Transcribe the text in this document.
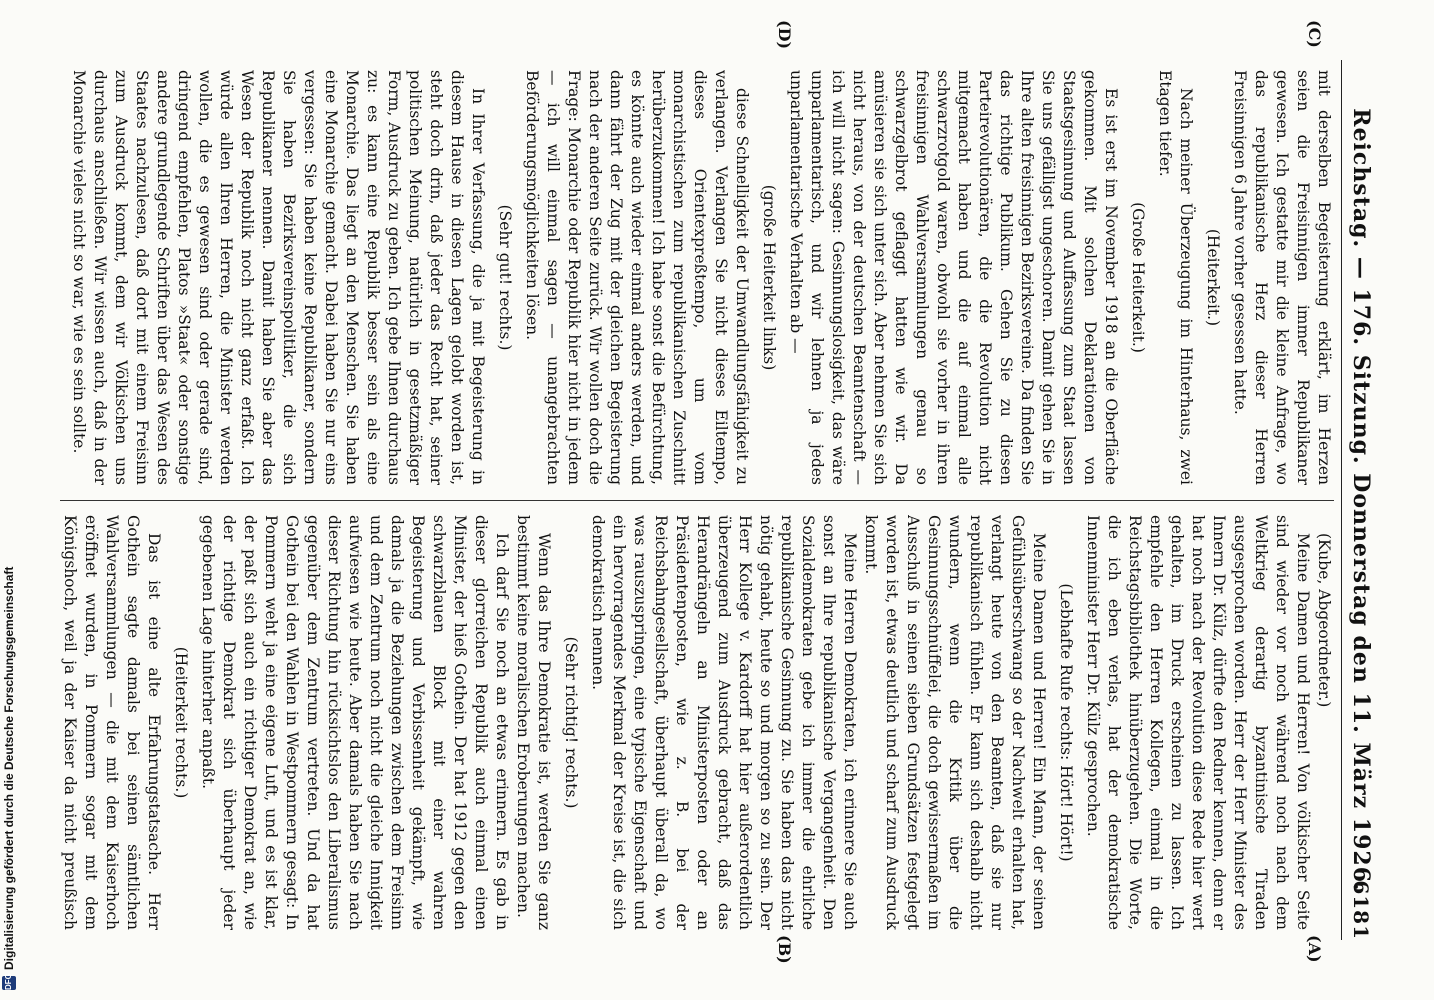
Reichstag. — 176. Sitzung. Donnerstag den 11. März 1926.
6181
(A)
(B)
(C)
(D)

(Kube, Abgeordneter.)

Meine Damen und Herren! Von völkischer Seite sind wieder vor noch während noch nach dem Weltkrieg derartig byzantinische Tiraden ausgesprochen worden. Herr der Herr Minister des Innern Dr. Külz, dürfte den Redner kennen, denn er hat noch nach der Revolution diese Rede hier wert gehalten, im Druck erscheinen zu lassen. Ich empfehle den Herren Kollegen, einmal in die Reichstagsbibliothek hinüberzugehen. Die Worte, die ich eben verlas, hat der demokratische Innenminister Herr Dr. Külz gesprochen.

(Lebhafte Rufe rechts: Hört! Hört!)

Meine Damen und Herren! Ein Mann, der seinen Gefühlsüberschwang so der Nachwelt erhalten hat, verlangt heute von den Beamten, daß sie nur republikanisch fühlen. Er kann sich deshalb nicht wundern, wenn die Kritik über die Gesinnungsschnüffelei, die doch gewissermaßen im Ausschuß in seinen sieben Grundsätzen festgelegt worden ist, etwas deutlich und scharf zum Ausdruck kommt.

Meine Herren Demokraten, ich erinnere Sie auch sonst an Ihre republikanische Vergangenheit. Den Sozialdemokraten gebe ich immer die ehrliche republikanische Gesinnung zu. Sie haben das nicht nötig gehabt, heute so und morgen so zu sein. Der Herr Kollege v. Kardorff hat hier außerordentlich überzeugend zum Ausdruck gebracht, daß das Herandrängeln an Ministerposten oder an Präsidentenposten, wie z. B. bei der Reichsbahngesellschaft, überhaupt überall da, wo was rauszuspringen, eine typische Eigenschaft und ein hervorragendes Merkmal der Kreise ist, die sich demokratisch nennen.

(Sehr richtig! rechts.)

Wenn das Ihre Demokratie ist, werden Sie ganz bestimmt keine moralischen Eroberungen machen.

Ich darf Sie noch an etwas erinnern. Es gab in dieser glorreichen Republik auch einmal einen Minister, der hieß Gothein. Der hat 1912 gegen den schwarzblauen Block mit einer wahren Begeisterung und Verbissenheit gekämpft, wie damals ja die Beziehungen zwischen dem Freisinn und dem Zentrum noch nicht die gleiche Innigkeit aufwiesen wie heute. Aber damals haben Sie nach dieser Richtung hin rücksichtslos den Liberalismus gegenüber dem Zentrum vertreten. Und da hat Gothein bei den Wahlen in Westpommern gesagt: In Pommern weht ja eine eigene Luft, und es ist klar, der paßt sich auch ein richtiger Demokrat an, wie der richtige Demokrat sich überhaupt jeder gegebenen Lage hinterher anpaßt.

(Heiterkeit rechts.)

Das ist eine alte Erfahrungstatsache. Herr Gothein sagte damals bei seinen sämtlichen Wahlversammlungen — die mit dem Kaiserhoch eröffnet wurden, in Pommern sogar mit dem Königshoch, weil ja der Kaiser da nicht preußisch

mit derselben Begeisterung erklärt, im Herzen seien die Freisinnigen immer Republikaner gewesen. Ich gestatte mir die kleine Anfrage, wo das republikanische Herz dieser Herren Freisinnigen 6 Jahre vorher gesessen hatte.

(Heiterkeit.)

Nach meiner Überzeugung im Hinterhaus, zwei Etagen tiefer.

(Große Heiterkeit.)

Es ist erst im November 1918 an die Oberfläche gekommen. Mit solchen Deklarationen von Staatsgesinnung und Auffassung zum Staat lassen Sie uns gefälligst ungeschoren. Damit gehen Sie in Ihre alten freisinnigen Bezirksvereine. Da finden Sie das richtige Publikum. Gehen Sie zu diesen Parteirevolutionären, die die Revolution nicht mitgemacht haben und die auf einmal alle schwarzrotgold waren, obwohl sie vorher in ihren freisinnigen Wahlversammlungen genau so schwarzgelbrot geflaggt hatten wie wir. Da amüsieren sie sich unter sich. Aber nehmen Sie sich nicht heraus, von der deutschen Beamtenschaft — ich will nicht sagen: Gesinnungslosigkeit, das wäre unparlamentarisch, und wir lehnen ja jedes unparlamentarische Verhalten ab —

(große Heiterkeit links)

diese Schnelligkeit der Umwandlungsfähigkeit zu verlangen. Verlangen Sie nicht dieses Eiltempo, dieses Orientexpreßtempo, um vom monarchistischen zum republikanischen Zuschnitt herüberzukommen! Ich habe sonst die Befürchtung, es könnte auch wieder einmal anders werden, und dann fährt der Zug mit der gleichen Begeisterung nach der anderen Seite zurück. Wir wollen doch die Frage: Monarchie oder Republik hier nicht in jedem — ich will einmal sagen — unangebrachten Beförderungsmöglichkeiten lösen.

(Sehr gut! rechts.)

In Ihrer Verfassung, die ja mit Begeisterung in diesem Hause in diesen Lagen gelobt worden ist, steht doch drin, daß jeder das Recht hat, seiner politischen Meinung, natürlich in gesetzmäßiger Form, Ausdruck zu geben. Ich gebe Ihnen durchaus zu: es kann eine Republik besser sein als eine Monarchie. Das liegt an den Menschen. Sie haben eine Monarchie gemacht. Dabei haben Sie nur eins vergessen: Sie haben keine Republikaner, sondern Sie haben Bezirksvereinspolitiker, die sich Republikaner nennen. Damit haben Sie aber das Wesen der Republik noch nicht ganz erfaßt. Ich würde allen Ihren Herren, die Minister werden wollen, die es gewesen sind oder gerade sind, dringend empfehlen, Platos »Staat« oder sonstige andere grundlegende Schriften über das Wesen des Staates nachzulesen, daß dort mit einem Freisinn zum Ausdruck kommt, dem wir Völkischen uns durchaus anschließen. Wir wissen auch, daß in der Monarchie vieles nicht so war, wie es sein sollte.

DFG
Digitalisierung gefördert durch die Deutsche Forschungsgemeinschaft
